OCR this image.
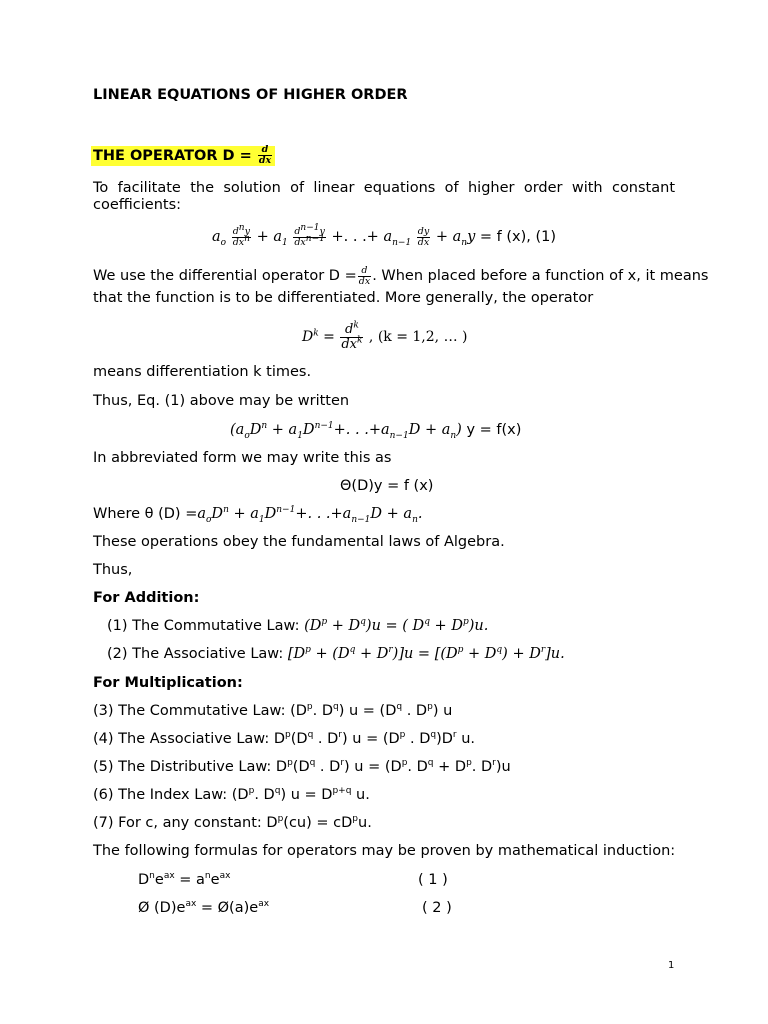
LINEAR EQUATIONS OF HIGHER ORDER
THE OPERATOR $D = \frac{d}{dx}$
To facilitate the solution of linear equations of higher order with constant
coefficients:
$a_o \frac{d^ny}{dx^n} + a_1 \frac{d^{n-1}y}{dx^{n-1}}$ +. . .+ $a_{n-1} \frac{dy}{dx} + a_ny = f$ (x), (1)
We use the differential operator $D = \frac{d}{dx}$ . When placed before a function of x, it means
that the function is to be differentiated. More generally, the operator
$D^k = \frac{d^k}{dx^k}$ , (k = 1,2, … )
means differentiation k times.
Thus, Eq. (1) above may be written
($a_oD^n + a_1D^{n-1}+$. . $.+a_{n-1}D + a_n$) y = f(x)
In abbreviated form we may write this as
Θ(D)y = f (x)
Where θ $(D) =a_oD^n + a_1D^{n-1}+$. . $.+a_{n-1}D + a_n$.
These operations obey the fundamental laws of Algebra.
Thus,
For Addition:
(1) The Commutative Law: $(D^p + D^q)u$ = ( $D^q + D^p)u$.
(2) The Associative Law: $[D^p + (D^q + D^r)]u = [(D^p + D^q) + D^r]u$.
For Multiplication:
(3) The Commutative Law: ($D^p$. $D^q$) $u = (D^q$ . $D^p$) u
(4) The Associative Law: $D^p(D^q$ . $D^r$) $u = (D^p$ . $D^q)D^r$ u.
(5) The Distributive Law: $D^p(D^q$ . $D^r$) $u = (D^p$. $D^q + D^p$. $D^r)u$
(6) The Index Law: ($D^p$. $D^q$) $u = D^{p+q}$ u.
(7) For c, any constant: $D^p(cu) = cD^pu$.
The following formulas for operators may be proven by mathematical induction:
$D^ne^{ax} = a^ne^{ax}$	( 1 )
Ø $(D)e^{ax}$ = $Ø(a)e^{ax}$	( 2 )
1
